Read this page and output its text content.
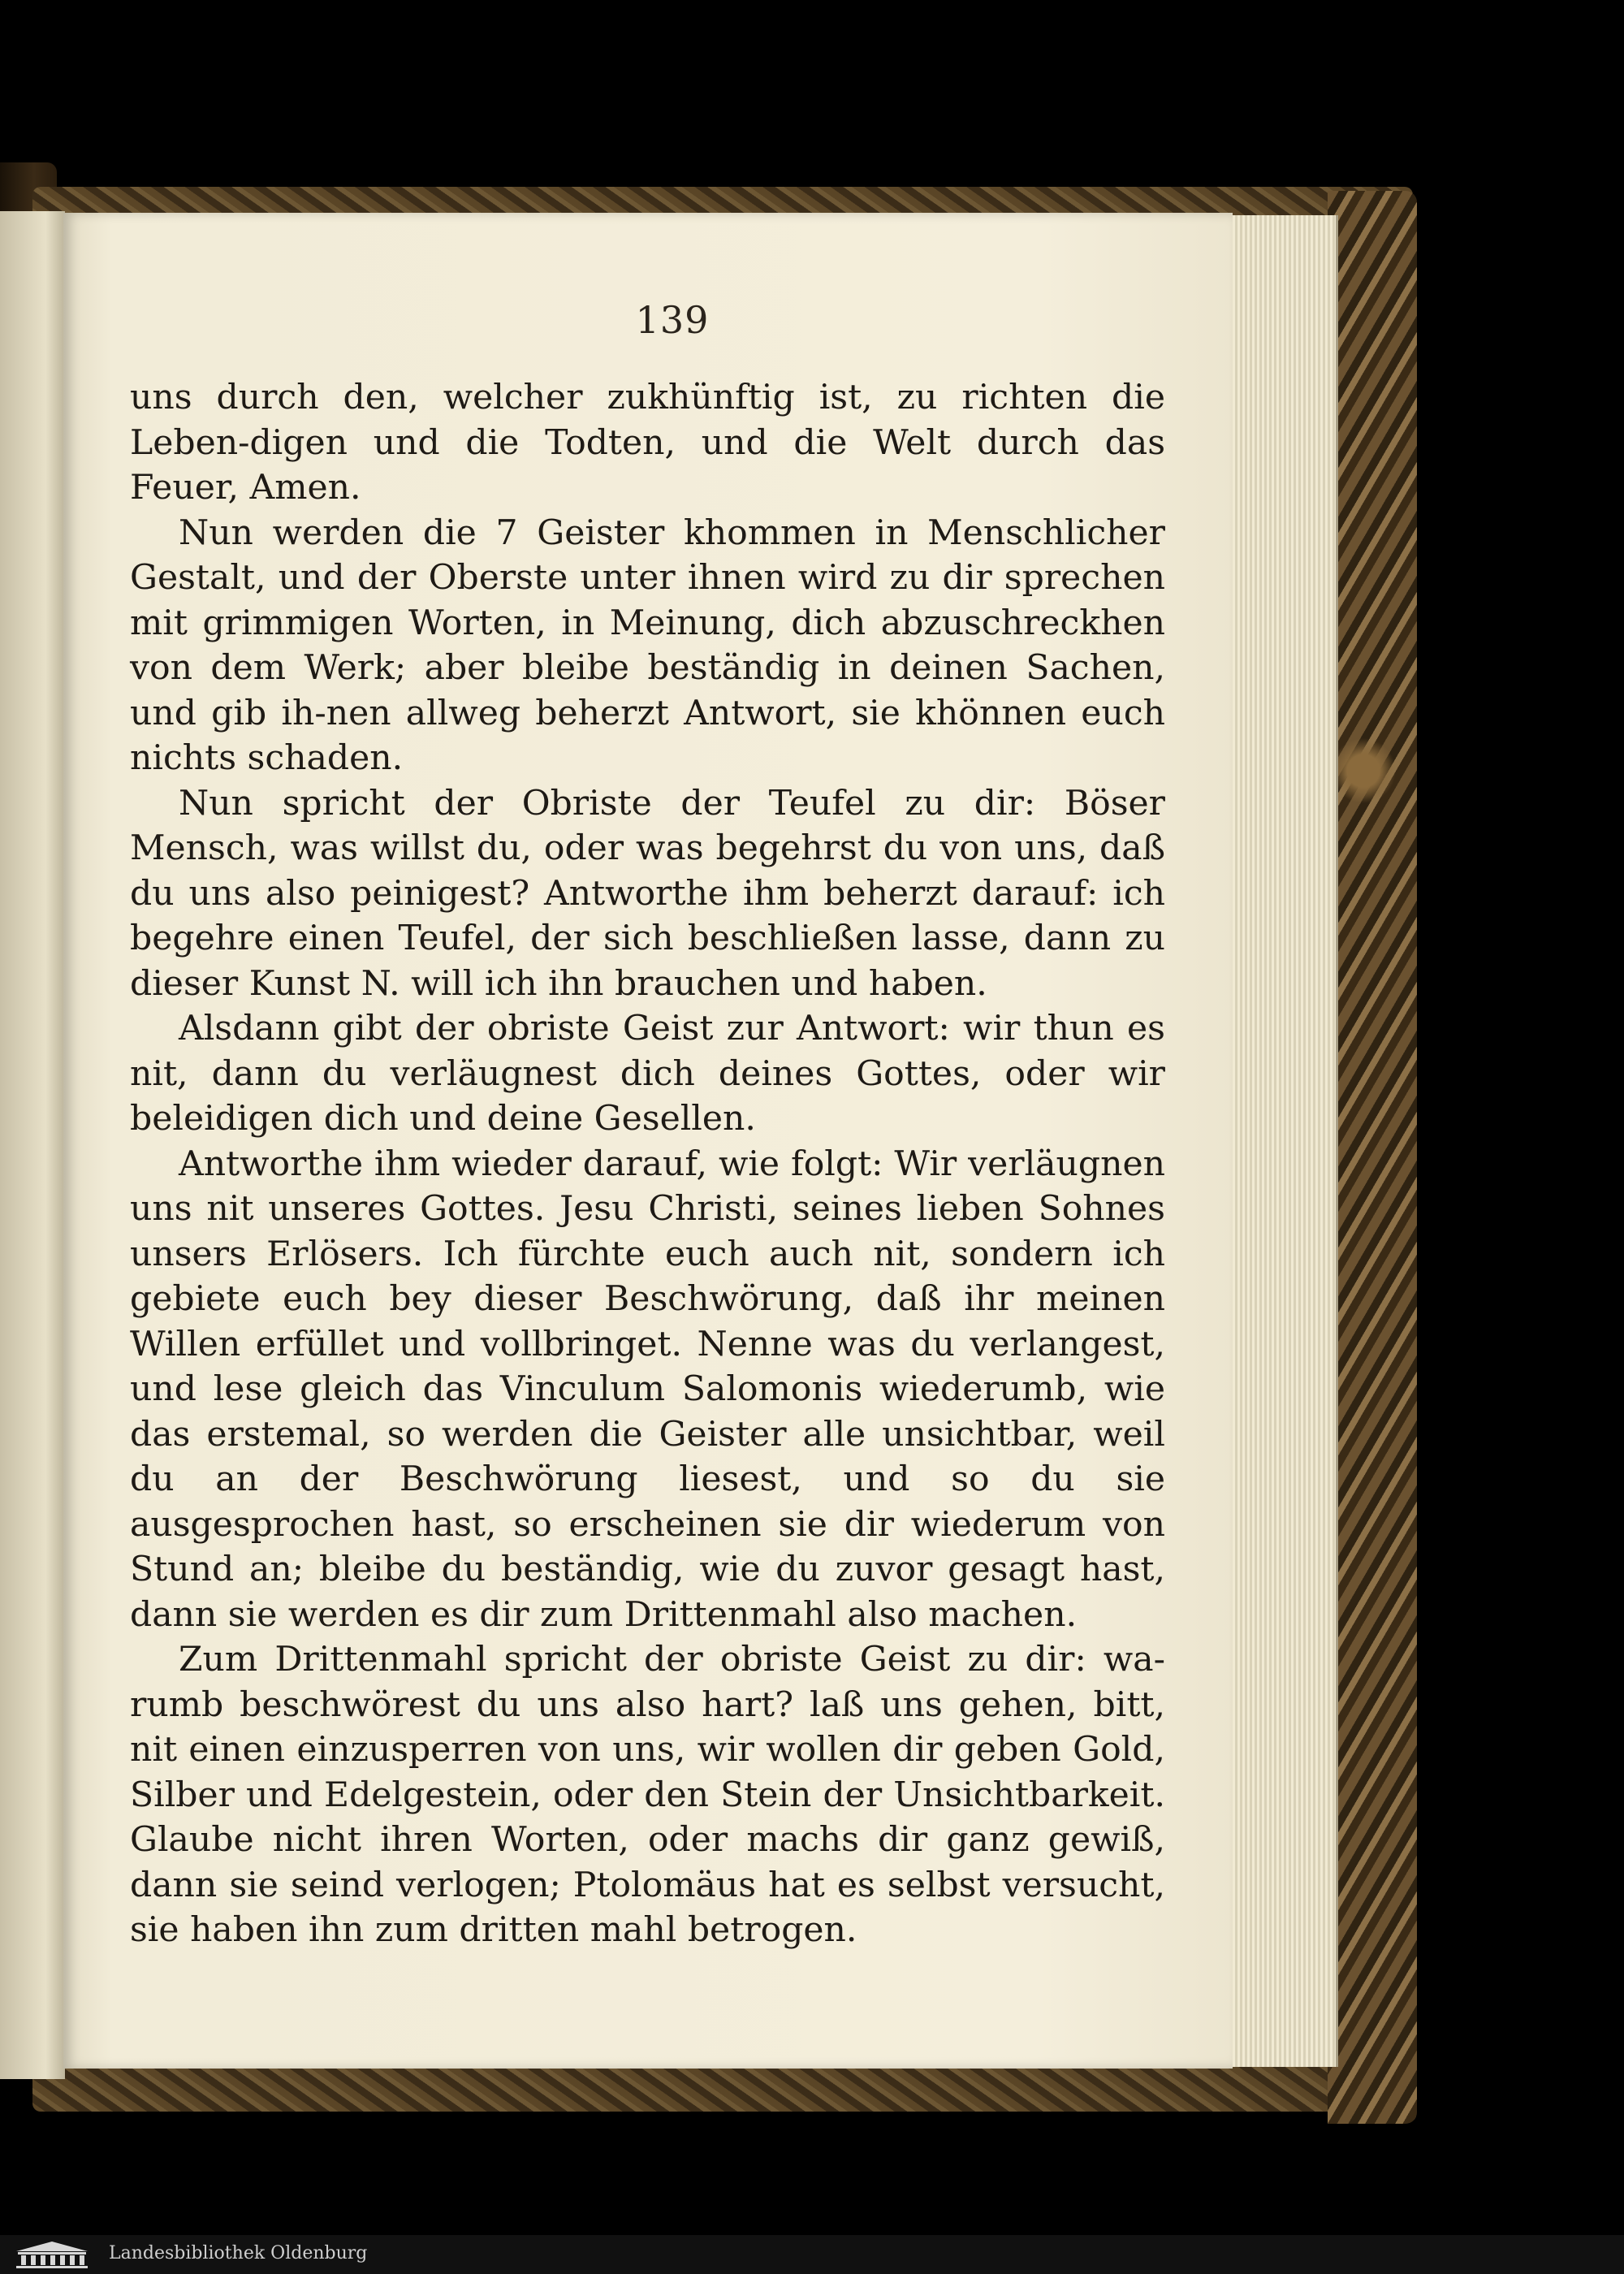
139

uns durch den, welcher zukhünftig ist, zu richten die Leben-digen und die Todten, und die Welt durch das Feuer, Amen.

Nun werden die 7 Geister khommen in Menschlicher Gestalt, und der Oberste unter ihnen wird zu dir sprechen mit grimmigen Worten, in Meinung, dich abzuschreckhen von dem Werk; aber bleibe beständig in deinen Sachen, und gib ih-nen allweg beherzt Antwort, sie khönnen euch nichts schaden.

Nun spricht der Obriste der Teufel zu dir: Böser Mensch, was willst du, oder was begehrst du von uns, daß du uns also peinigest? Antworthe ihm beherzt darauf: ich begehre einen Teufel, der sich beschließen lasse, dann zu dieser Kunst N. will ich ihn brauchen und haben.

Alsdann gibt der obriste Geist zur Antwort: wir thun es nit, dann du verläugnest dich deines Gottes, oder wir beleidigen dich und deine Gesellen.

Antworthe ihm wieder darauf, wie folgt: Wir verläugnen uns nit unseres Gottes. Jesu Christi, seines lieben Sohnes unsers Erlösers. Ich fürchte euch auch nit, sondern ich gebiete euch bey dieser Beschwörung, daß ihr meinen Willen erfüllet und vollbringet. Nenne was du verlangest, und lese gleich das Vinculum Salomonis wiederumb, wie das erstemal, so werden die Geister alle unsichtbar, weil du an der Beschwörung liesest, und so du sie ausgesprochen hast, so erscheinen sie dir wiederum von Stund an; bleibe du beständig, wie du zuvor gesagt hast, dann sie werden es dir zum Drittenmahl also machen.

Zum Drittenmahl spricht der obriste Geist zu dir: wa-rumb beschwörest du uns also hart? laß uns gehen, bitt, nit einen einzusperren von uns, wir wollen dir geben Gold, Silber und Edelgestein, oder den Stein der Unsichtbarkeit. Glaube nicht ihren Worten, oder machs dir ganz gewiß, dann sie seind verlogen; Ptolomäus hat es selbst versucht, sie haben ihn zum dritten mahl betrogen.

Landesbibliothek Oldenburg
